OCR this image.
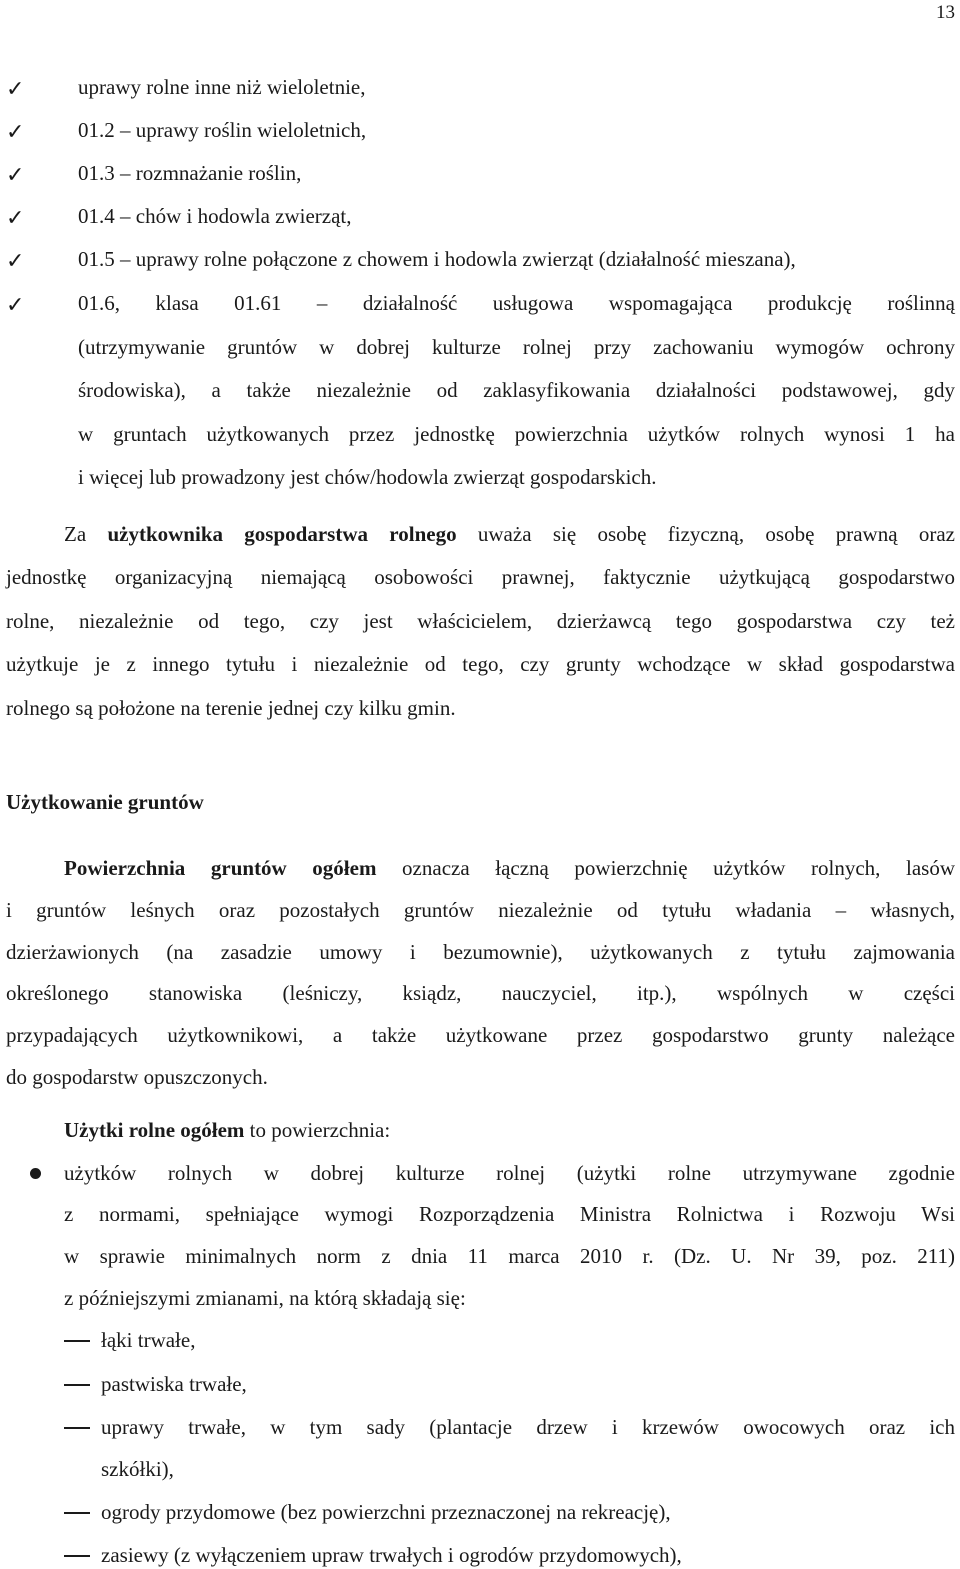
13
✓	uprawy rolne inne niż wieloletnie,
✓	01.2 – uprawy roślin wieloletnich,
✓	01.3 – rozmnażanie roślin,
✓	01.4 – chów i hodowla zwierząt,
✓	01.5 – uprawy rolne połączone z chowem i hodowla zwierząt (działalność mieszana),
✓	01.6, klasa 01.61 – działalność usługowa wspomagająca produkcję roślinną
(utrzymywanie gruntów w dobrej kulturze rolnej przy zachowaniu wymogów ochrony
środowiska), a także niezależnie od zaklasyfikowania działalności podstawowej, gdy
w gruntach użytkowanych przez jednostkę powierzchnia użytków rolnych wynosi 1 ha
i więcej lub prowadzony jest chów/hodowla zwierząt gospodarskich.
Za użytkownika gospodarstwa rolnego uważa się osobę fizyczną, osobę prawną oraz
jednostkę organizacyjną niemającą osobowości prawnej, faktycznie użytkującą gospodarstwo
rolne, niezależnie od tego, czy jest właścicielem, dzierżawcą tego gospodarstwa czy też
użytkuje je z innego tytułu i niezależnie od tego, czy grunty wchodzące w skład gospodarstwa
rolnego są położone na terenie jednej czy kilku gmin.
Użytkowanie gruntów
Powierzchnia gruntów ogółem oznacza łączną powierzchnię użytków rolnych, lasów
i gruntów leśnych oraz pozostałych gruntów niezależnie od tytułu władania – własnych,
dzierżawionych (na zasadzie umowy i bezumownie), użytkowanych z tytułu zajmowania
określonego stanowiska (leśniczy, ksiądz, nauczyciel, itp.), wspólnych w części
przypadających użytkownikowi, a także użytkowane przez gospodarstwo grunty należące
do gospodarstw opuszczonych.
Użytki rolne ogółem to powierzchnia:
użytków rolnych w dobrej kulturze rolnej (użytki rolne utrzymywane zgodnie
z normami, spełniające wymogi Rozporządzenia Ministra Rolnictwa i Rozwoju Wsi
w sprawie minimalnych norm z dnia 11 marca 2010 r. (Dz. U. Nr 39, poz. 211)
z późniejszymi zmianami, na którą składają się:
łąki trwałe,
pastwiska trwałe,
uprawy trwałe, w tym sady (plantacje drzew i krzewów owocowych oraz ich
szkółki),
ogrody przydomowe (bez powierzchni przeznaczonej na rekreację),
zasiewy (z wyłączeniem upraw trwałych i ogrodów przydomowych),
